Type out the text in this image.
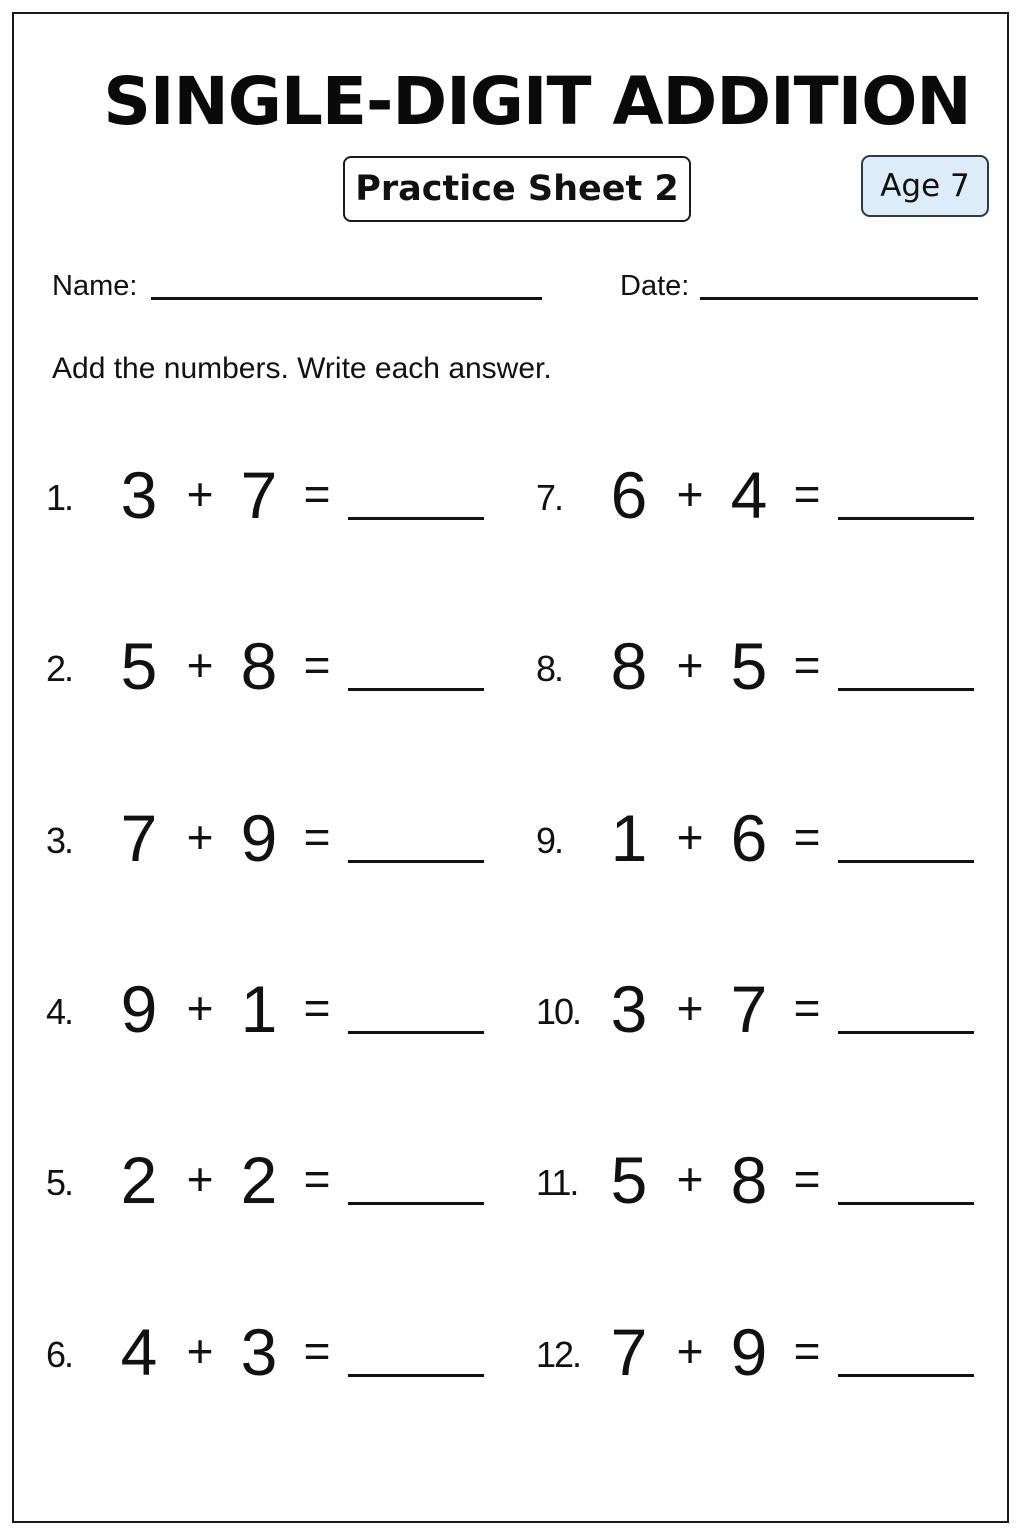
SINGLE-DIGIT ADDITION
Practice Sheet 2	Age 7
Name:	Date:
Add the numbers. Write each answer.
1. 3 + 7 =
2. 5 + 8 =
3. 7 + 9 =
4. 9 + 1 =
5. 2 + 2 =
6. 4 + 3 =
7. 6 + 4 =
8. 8 + 5 =
9. 1 + 6 =
10. 3 + 7 =
11. 5 + 8 =
12. 7 + 9 =
